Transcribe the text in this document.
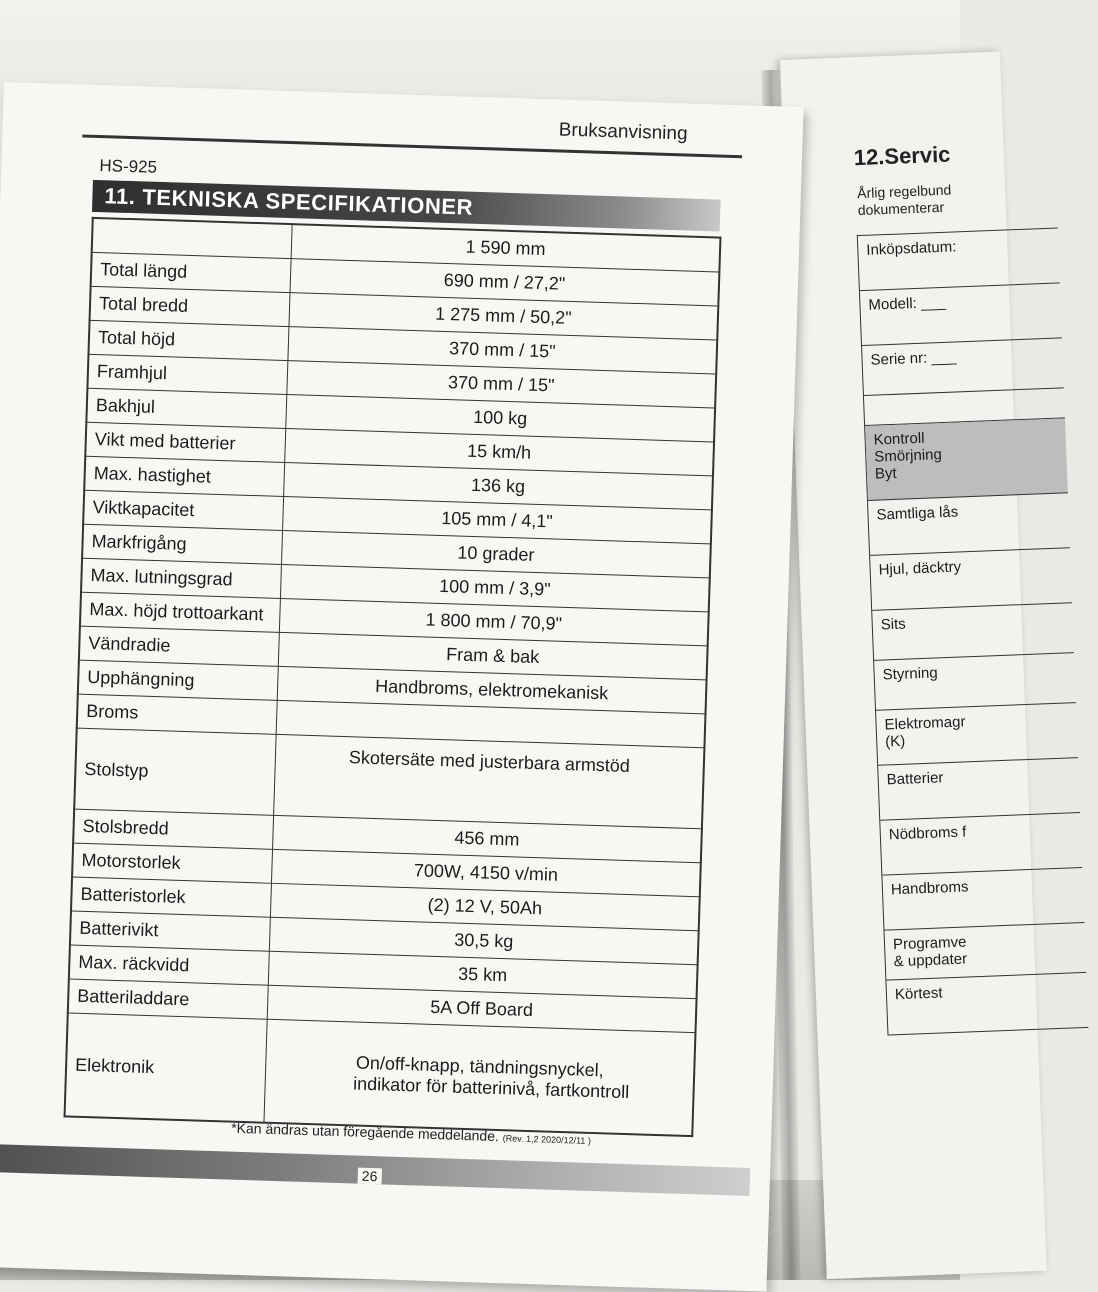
12.Servic
Årlig regelbund
dokumenterar
Inköpsdatum:
Modell: ___
Serie nr: ___
Kontroll
Smörjning
Byt
Samtliga lås
Hjul, däcktry
Sits
Styrning
Elektromagr
(K)
Batterier
Nödbroms f
Handbroms
Programve
& uppdater
Körtest
Bruksanvisning
HS-925
11. TEKNISKA SPECIFIKATIONER
	1 590 mm
Total längd	690 mm / 27,2"
Total bredd	1 275 mm / 50,2"
Total höjd	370 mm / 15"
Framhjul	370 mm / 15"
Bakhjul	100 kg
Vikt med batterier	15 km/h
Max. hastighet	136 kg
Viktkapacitet	105 mm / 4,1"
Markfrigång	10 grader
Max. lutningsgrad	100 mm / 3,9"
Max. höjd trottoarkant	1 800 mm / 70,9"
Vändradie	Fram & bak
Upphängning	Handbroms, elektromekanisk
Broms	
Stolstyp	Skotersäte med justerbara armstöd
Stolsbredd	456 mm
Motorstorlek	700W, 4150 v/min
Batteristorlek	(2) 12 V, 50Ah
Batterivikt	30,5 kg
Max. räckvidd	35 km
Batteriladdare	5A Off Board
Elektronik	On/off-knapp, tändningsnyckel,
indikator för batterinivå, fartkontroll
*Kan ändras utan föregående meddelande. (Rev. 1,2 2020/12/11 )
26
